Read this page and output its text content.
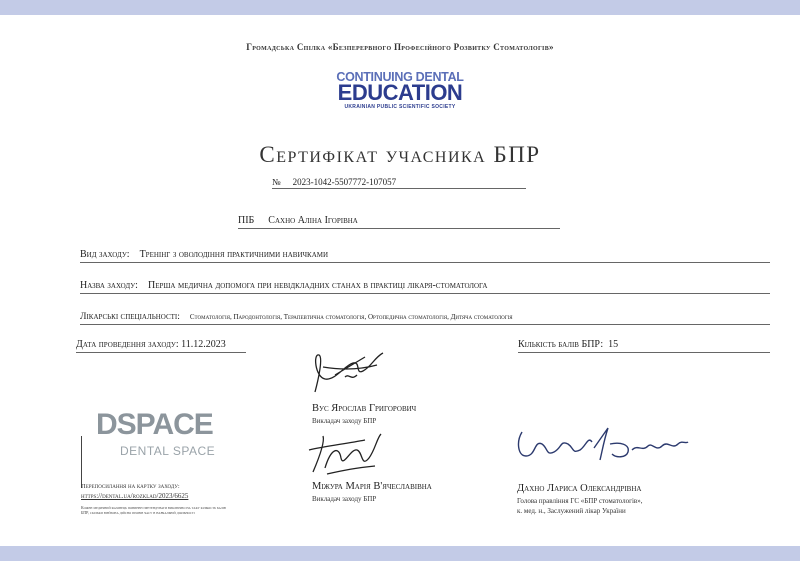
Громадська Спілка «Безперервного Професійного Розвитку Стоматологів»
CONTINUING DENTAL
EDUCATION
UKRAINIAN PUBLIC SCIENTIFIC SOCIETY
Сертифікат учасника БПР
№ 2023-1042-5507772-107057
ПІБ Сахно Аліна Ігорівна
Вид заходу: Тренінг з оволодіння практичними навичками
Назва заходу: Перша медична допомога при невідкладних станах в практиці лікаря-стоматолога
Лікарські спеціальності: Стоматологія, Пародонтологія, Терапевтична стоматологія, Ортопедична стоматологія, Дитяча стоматологія
Дата проведення заходу: 11.12.2023	Кількість балів БПР: 15
Вус Ярослав Григорович
Викладач заходу БПР
Міжура Марія В'ячеславівна
Викладач заходу БПР
Дахно Лариса Олександрівна
Голова правління ГС «БПР стоматологів»,
к. мед. н., Заслужений лікар України
DSPACE
DENTAL SPACE
Перепосилання на картку заходу:
https://dental.ua/rozklad/2023/6625
Кожен медичний фахівець повинен претендувати виключно на таку кількість балів БПР, скільки він/вона дійсно провів часу в навчальній діяльності
